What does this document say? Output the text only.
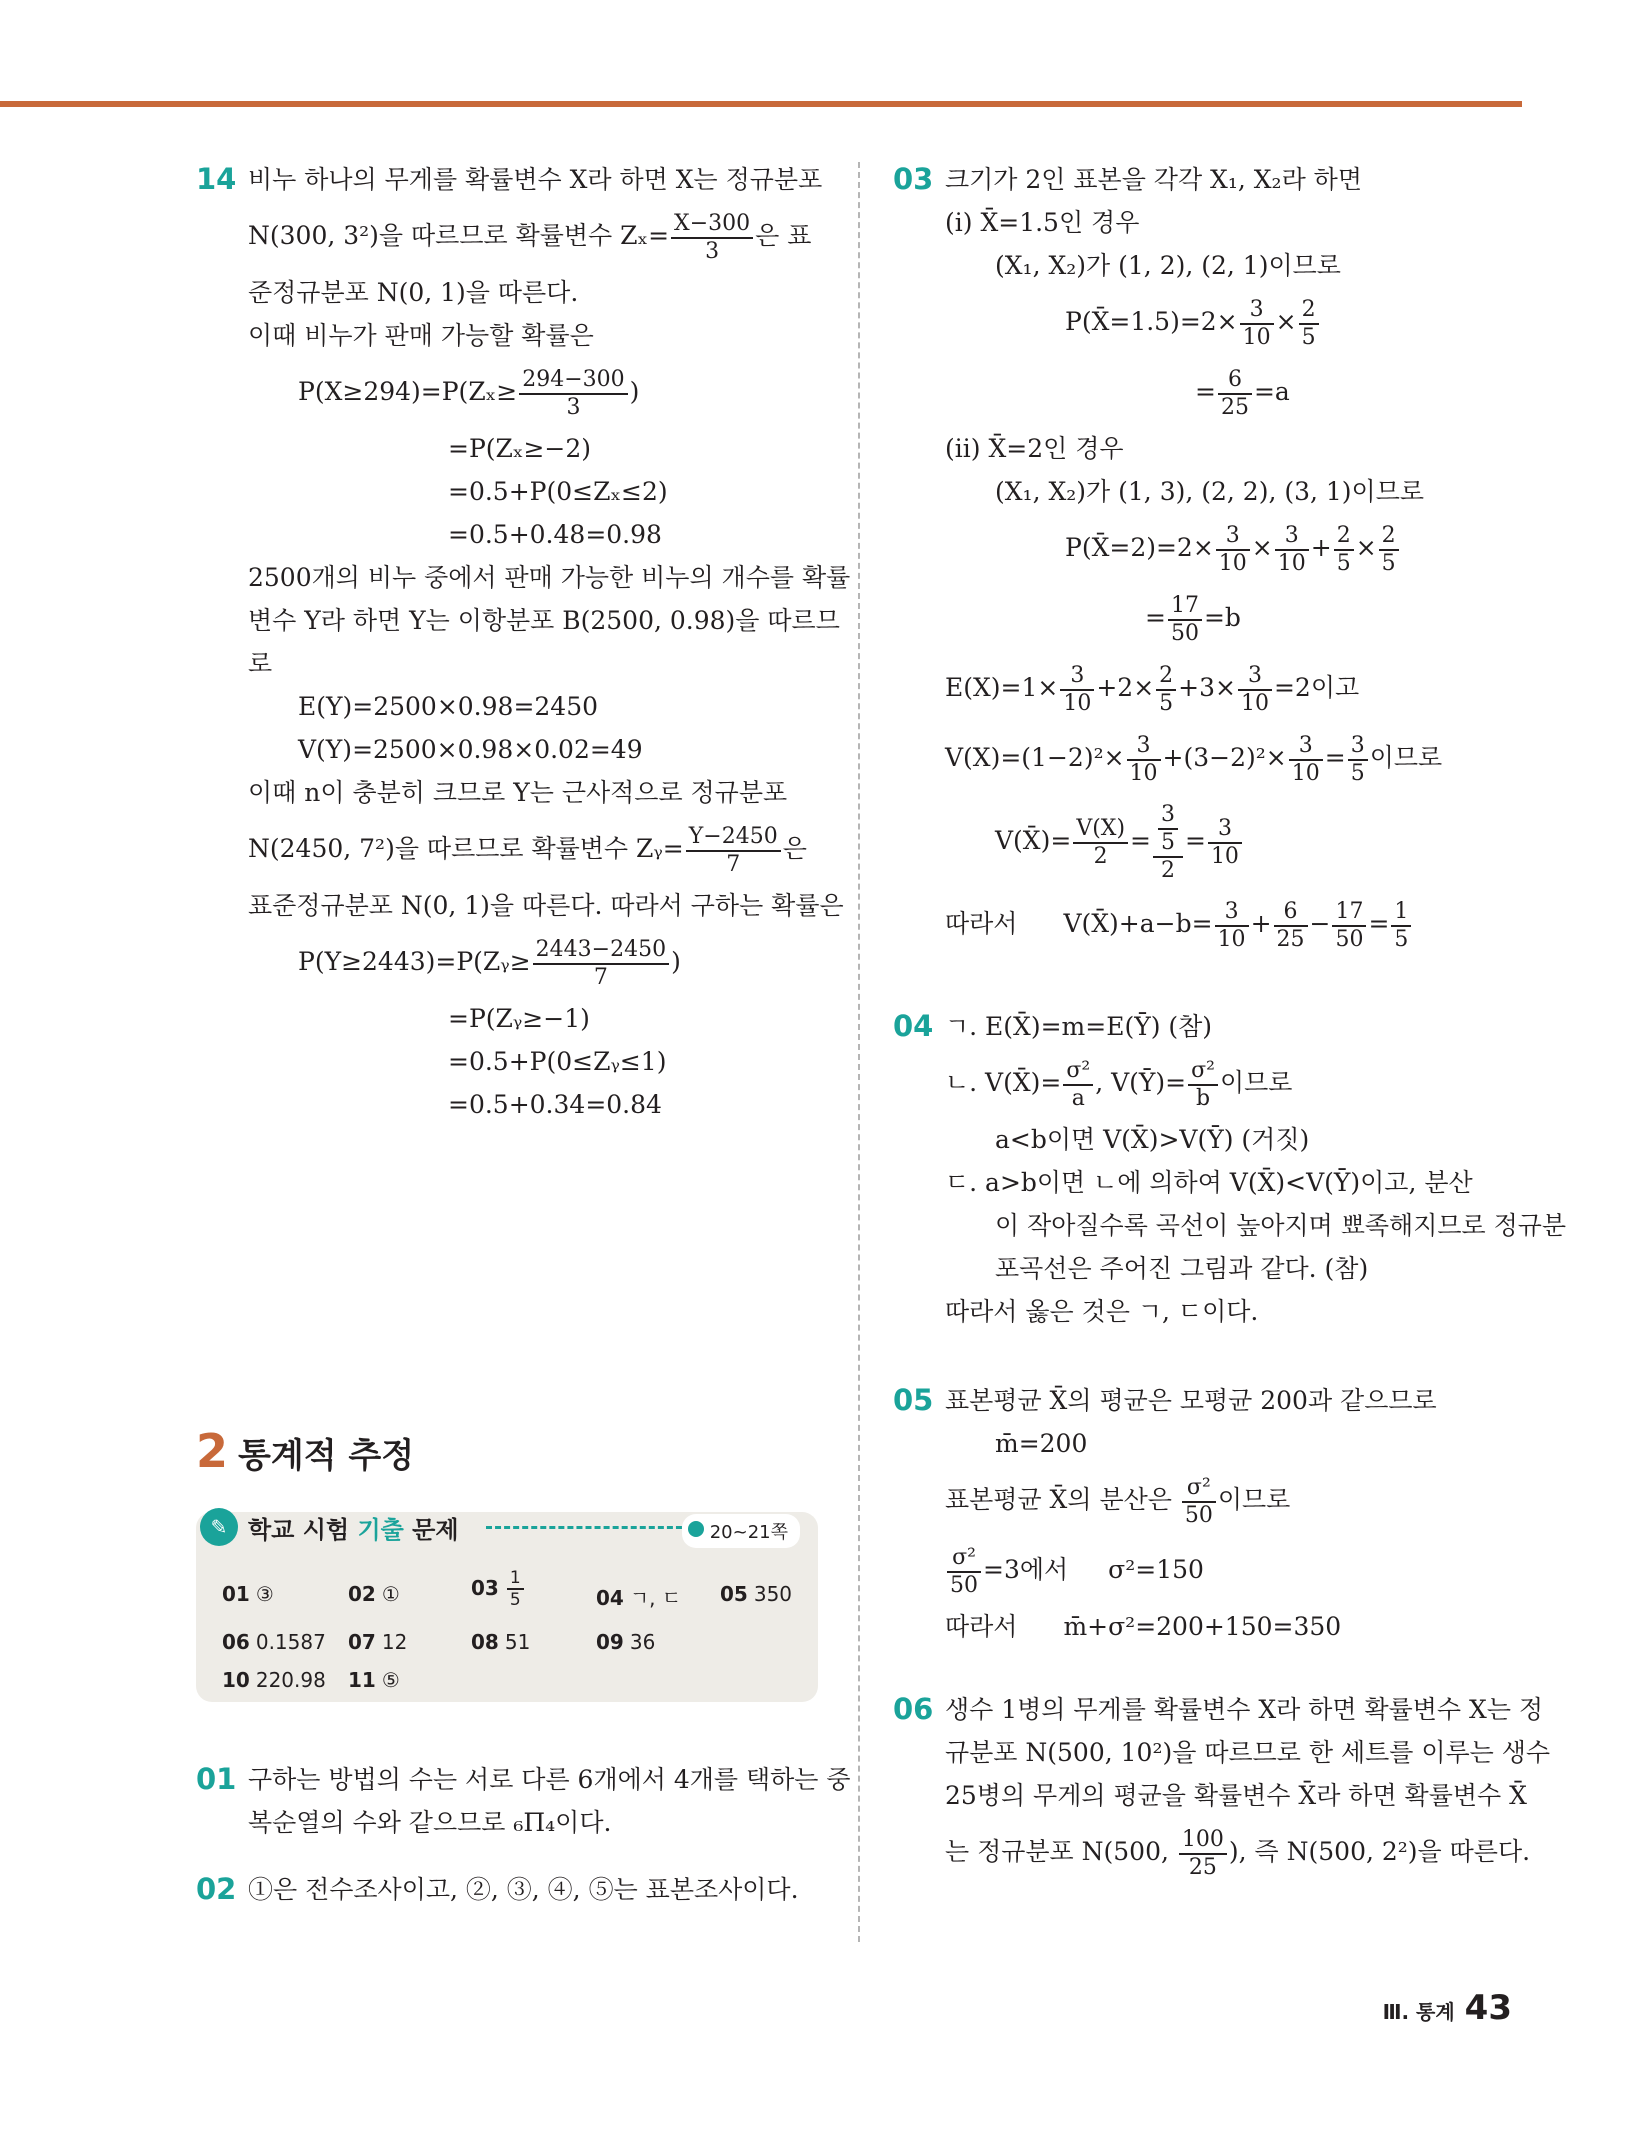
14 비누 하나의 무게를 확률변수 X라 하면 X는 정규분포
N(300, 3²)을 따르므로 확률변수 $Z_x= \frac{X-300}{3}$ 은 표
준정규분포 N(0, 1)을 따른다.
이때 비누가 판매 가능할 확률은
$P(X\ge 294)=P(Z_x\ge \frac{294-300}{3}$ )
=P(Zₓ≥−2)
=0.5+P(0≤Zₓ≤2)
=0.5+0.48=0.98
2500개의 비누 중에서 판매 가능한 비누의 개수를 확률
변수 Y라 하면 Y는 이항분포 B(2500, 0.98)을 따르므
로
E(Y)=2500×0.98=2450
V(Y)=2500×0.98×0.02=49
이때 n이 충분히 크므로 Y는 근사적으로 정규분포
N(2450, 7²)을 따르므로 확률변수 Zᵧ= $\frac{Y-2450}{7}$ 은
표준정규분포 N(0, 1)을 따른다. 따라서 구하는 확률은
P(Y≥2443)=P(Zᵧ≥ $\frac{2443-2450}{7}$ )
=P(Zᵧ≥−1)
=0.5+P(0≤Zᵧ≤1)
=0.5+0.34=0.84
2 통계적 추정
✎ 학교 시험 기출 문제	20~21쪽
01 ③	02 ①	$03 \frac{1}{5}$	04 ㄱ, ㄷ 05 350
06 0.1587 07 12	08 51	09 36
10 220.98 11 ⑤
01 구하는 방법의 수는 서로 다른 6개에서 4개를 택하는 중
복순열의 수와 같으므로 ₆Π₄이다.
02 ①은 전수조사이고, ②, ③, ④, ⑤는 표본조사이다.
03 크기가 2인 표본을 각각 X₁, X₂라 하면
(i) X̄=1.5인 경우
(X₁, X₂)가 (1, 2), (2, 1)이므로
P(X̄=1.5)=2× $\frac{3}{10} \times \frac{2}{5}$
= $\frac{6}{25} =a$
(ii) X̄=2인 경우
(X₁, X₂)가 (1, 3), (2, 2), (3, 1)이므로
P(X̄=2)=2× $\frac{3}{10} \times \frac{3}{10} + \frac{2}{5} \times \frac{2}{5}$
= $\frac{17}{50} =b$
$E(X)=1\times \frac{3}{10} +2\times \frac{2}{5} +3\times \frac{3}{10} =2$이고
$V(X)=(1-2)^2\times \frac{3}{10} +(3-2)^2\times \frac{3}{10} = \frac{3}{5}$ 이므로
V(X̄)= $\frac{V(X)}{2} = \frac{\frac{3}{5}}{2} = \frac{3}{10}$
따라서 V(X̄)+a−b= $\frac{3}{10} + \frac{6}{25} - \frac{17}{50} = \frac{1}{5}$
04 ㄱ. E(X̄)=m=E(Ȳ) (참)
ㄴ. V(X̄)= $\frac{\text{σ²}}{a}$ , V(Ȳ)= $\frac{\text{σ²}}{b}$ 이므로
a<b이면 V(X̄)>V(Ȳ) (거짓)
ㄷ. a>b이면 ㄴ에 의하여 V(X̄)<V(Ȳ)이고, 분산
이 작아질수록 곡선이 높아지며 뾰족해지므로 정규분
포곡선은 주어진 그림과 같다. (참)
따라서 옳은 것은 ㄱ, ㄷ이다.
05 표본평균 X̄의 평균은 모평균 200과 같으므로
m̄=200
표본평균 X̄의 분산은 $\frac{\text{σ²}}{50}$ 이므로
$\frac{\text{σ²}}{50} =3$에서 σ²=150
따라서 m̄+σ²=200+150=350
06 생수 1병의 무게를 확률변수 X라 하면 확률변수 X는 정
규분포 N(500, 10²)을 따르므로 한 세트를 이루는 생수
25병의 무게의 평균을 확률변수 X̄라 하면 확률변수 X̄
는 정규분포 N(500, $\frac{100}{25}$ ), 즉 N(500, 2²)을 따른다.
Ⅲ. 통계 43
